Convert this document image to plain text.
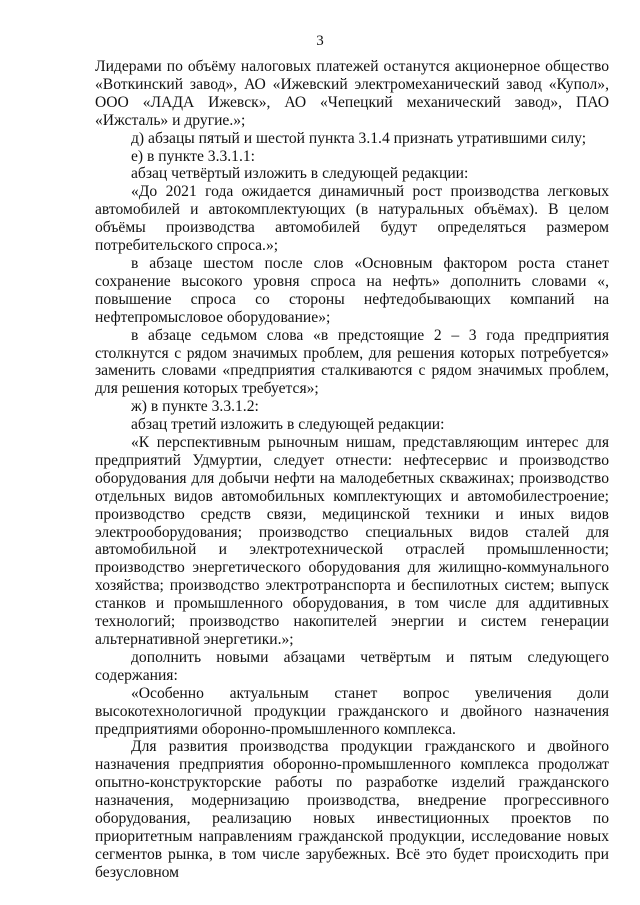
3

Лидерами по объёму налоговых платежей останутся акционерное общество «Воткинский завод», АО «Ижевский электромеханический завод «Купол», ООО «ЛАДА Ижевск», АО «Чепецкий механический завод», ПАО «Ижсталь» и другие.»;

д) абзацы пятый и шестой пункта 3.1.4 признать утратившими силу;

е) в пункте 3.3.1.1:

абзац четвёртый изложить в следующей редакции:

«До 2021 года ожидается динамичный рост производства легковых автомобилей и автокомплектующих (в натуральных объёмах). В целом объёмы производства автомобилей будут определяться размером потребительского спроса.»;

в абзаце шестом после слов «Основным фактором роста станет сохранение высокого уровня спроса на нефть» дополнить словами «, повышение спроса со стороны нефтедобывающих компаний на нефтепромысловое оборудование»;

в абзаце седьмом слова «в предстоящие 2 – 3 года предприятия столкнутся с рядом значимых проблем, для решения которых потребуется» заменить словами «предприятия сталкиваются с рядом значимых проблем, для решения которых требуется»;

ж) в пункте 3.3.1.2:

абзац третий изложить в следующей редакции:

«К перспективным рыночным нишам, представляющим интерес для предприятий Удмуртии, следует отнести: нефтесервис и производство оборудования для добычи нефти на малодебетных скважинах; производство отдельных видов автомобильных комплектующих и автомобилестроение; производство средств связи, медицинской техники и иных видов электрооборудования; производство специальных видов сталей для автомобильной и электротехнической отраслей промышленности; производство энергетического оборудования для жилищно-коммунального хозяйства; производство электротранспорта и беспилотных систем; выпуск станков и промышленного оборудования, в том числе для аддитивных технологий; производство накопителей энергии и систем генерации альтернативной энергетики.»;

дополнить новыми абзацами четвёртым и пятым следующего содержания:

«Особенно актуальным станет вопрос увеличения доли высокотехнологичной продукции гражданского и двойного назначения предприятиями оборонно-промышленного комплекса.

Для развития производства продукции гражданского и двойного назначения предприятия оборонно-промышленного комплекса продолжат опытно-конструкторские работы по разработке изделий гражданского назначения, модернизацию производства, внедрение прогрессивного оборудования, реализацию новых инвестиционных проектов по приоритетным направлениям гражданской продукции, исследование новых сегментов рынка, в том числе зарубежных. Всё это будет происходить при безусловном
